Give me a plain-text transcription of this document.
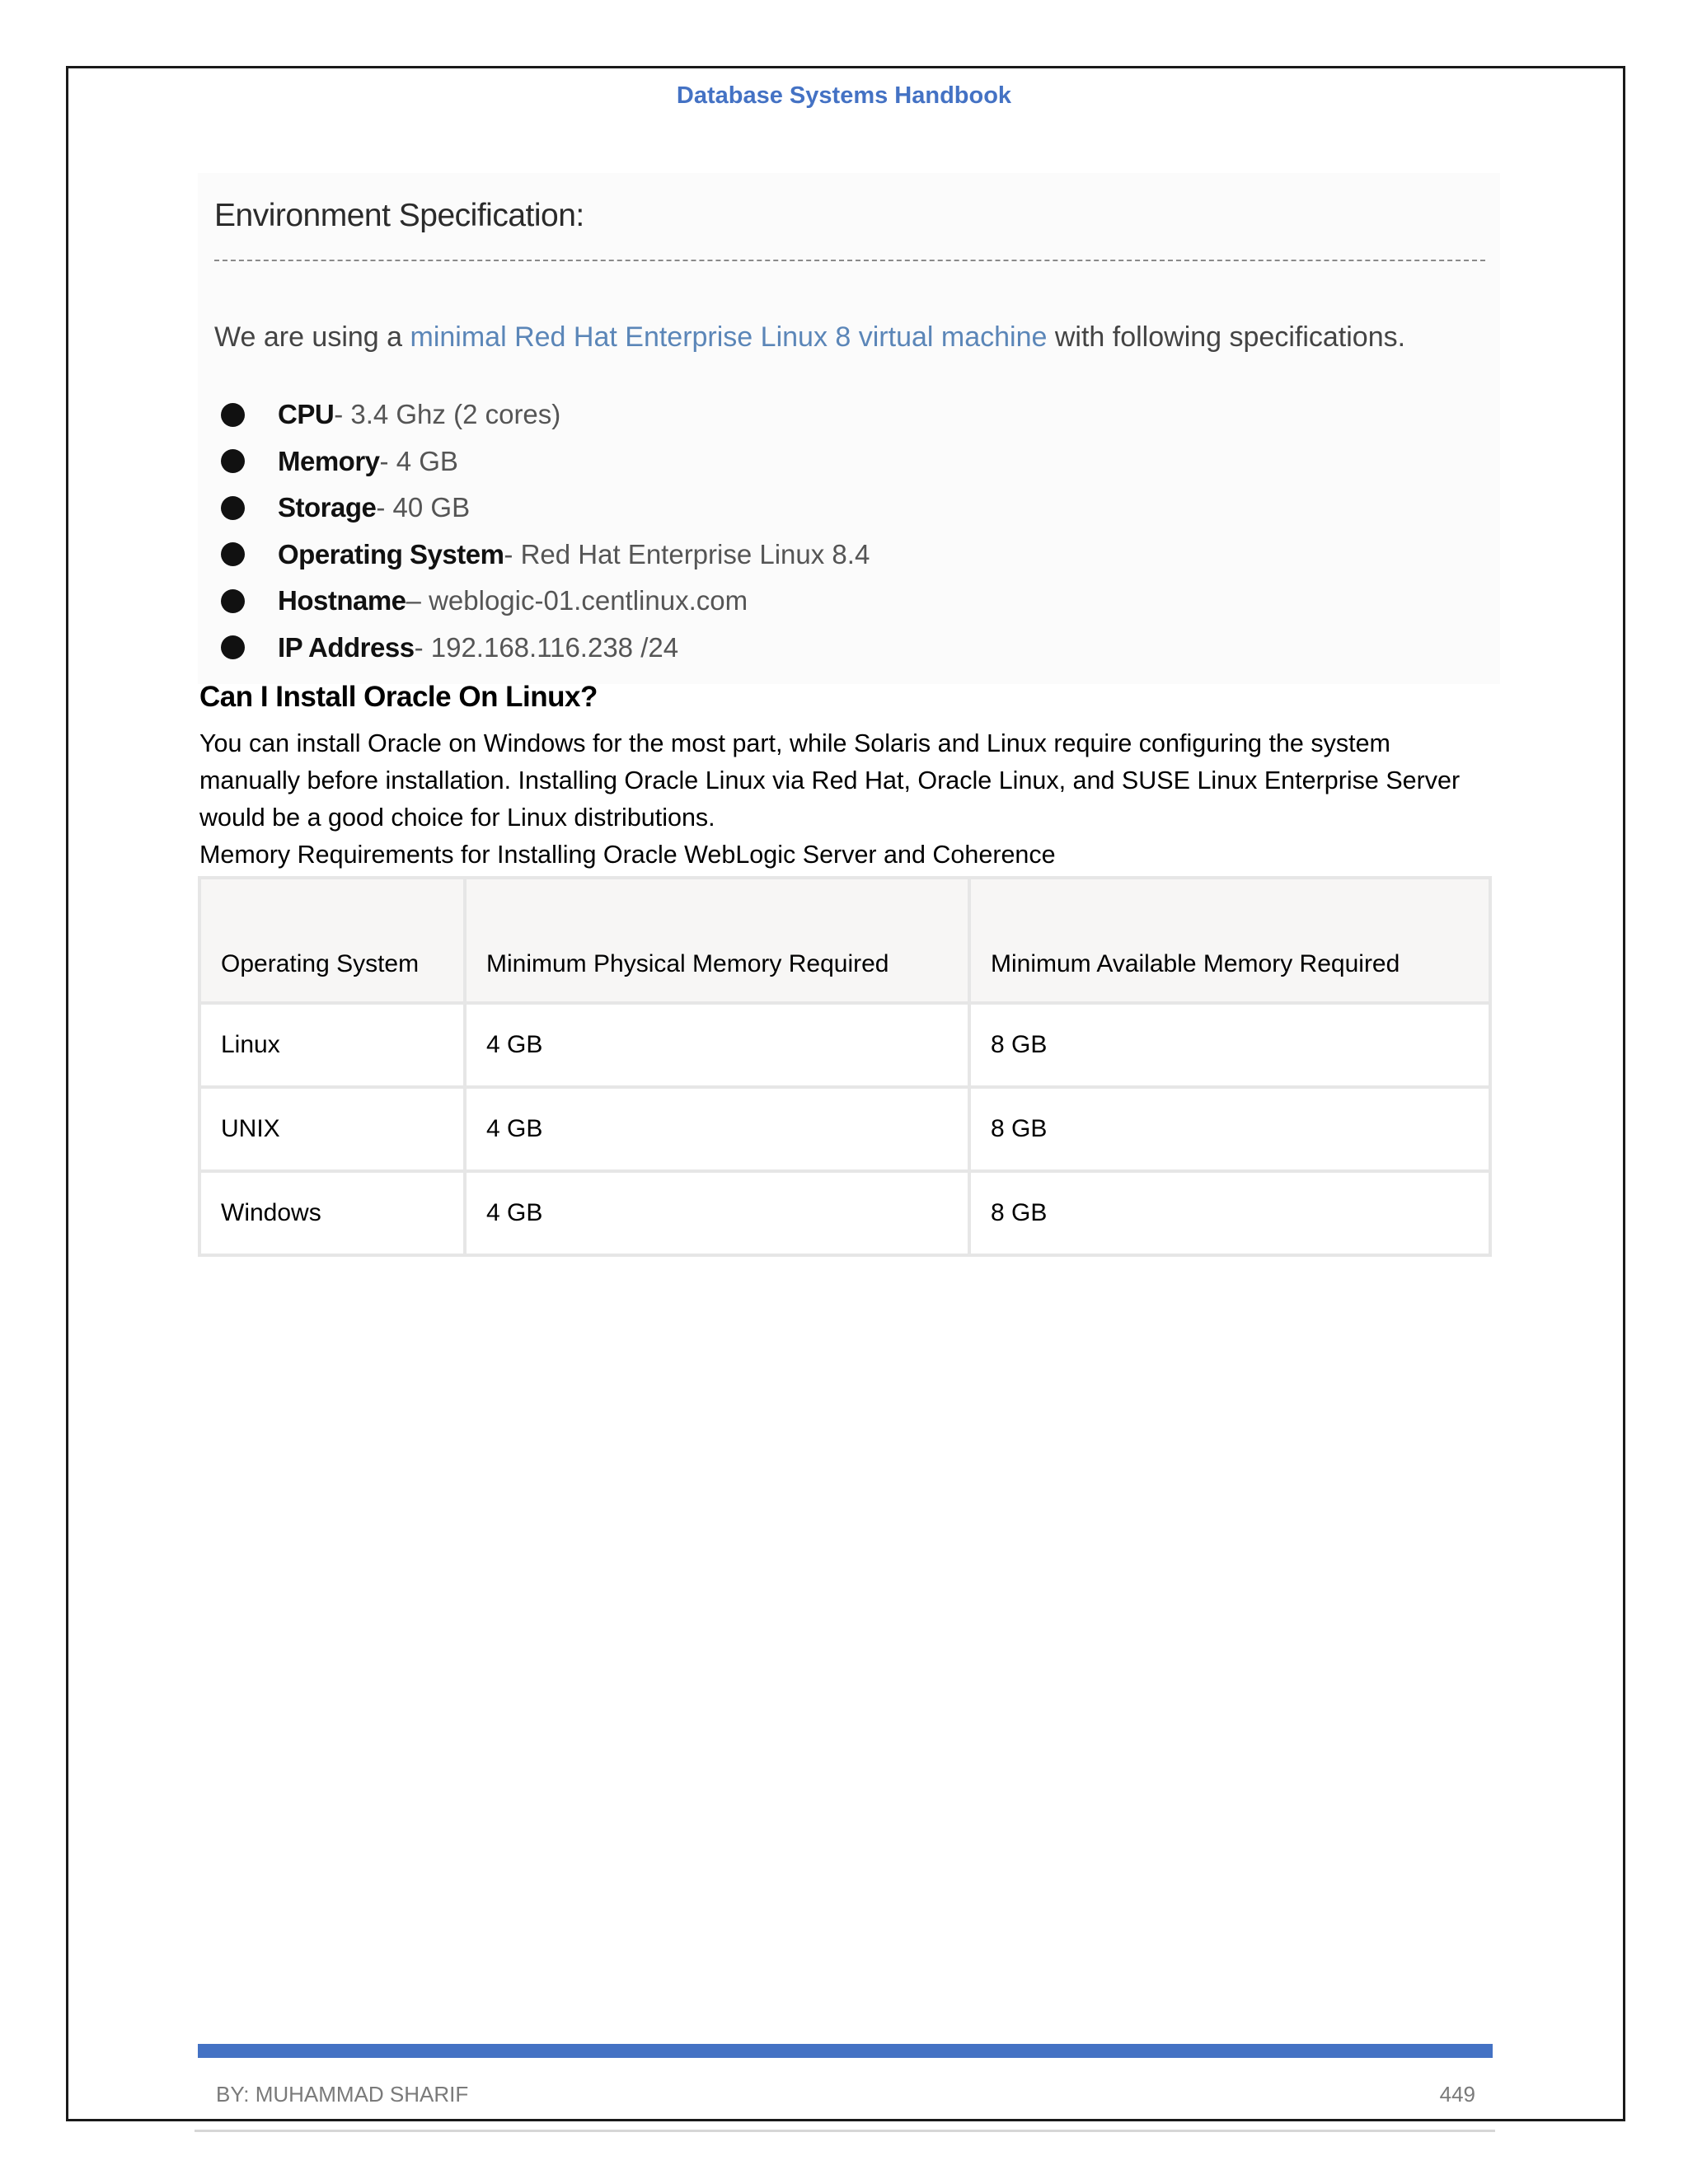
Database Systems Handbook
Environment Specification:
We are using a minimal Red Hat Enterprise Linux 8 virtual machine with following specifications.
CPU - 3.4 Ghz (2 cores)
Memory - 4 GB
Storage - 40 GB
Operating System - Red Hat Enterprise Linux 8.4
Hostname – weblogic-01.centlinux.com
IP Address - 192.168.116.238 /24
Can I Install Oracle On Linux?
You can install Oracle on Windows for the most part, while Solaris and Linux require configuring the system
manually before installation. Installing Oracle Linux via Red Hat, Oracle Linux, and SUSE Linux Enterprise Server
would be a good choice for Linux distributions.
Memory Requirements for Installing Oracle WebLogic Server and Coherence
Operating System	Minimum Physical Memory Required	Minimum Available Memory Required
Linux	4 GB	8 GB
UNIX	4 GB	8 GB
Windows	4 GB	8 GB
BY: MUHAMMAD SHARIF	449
